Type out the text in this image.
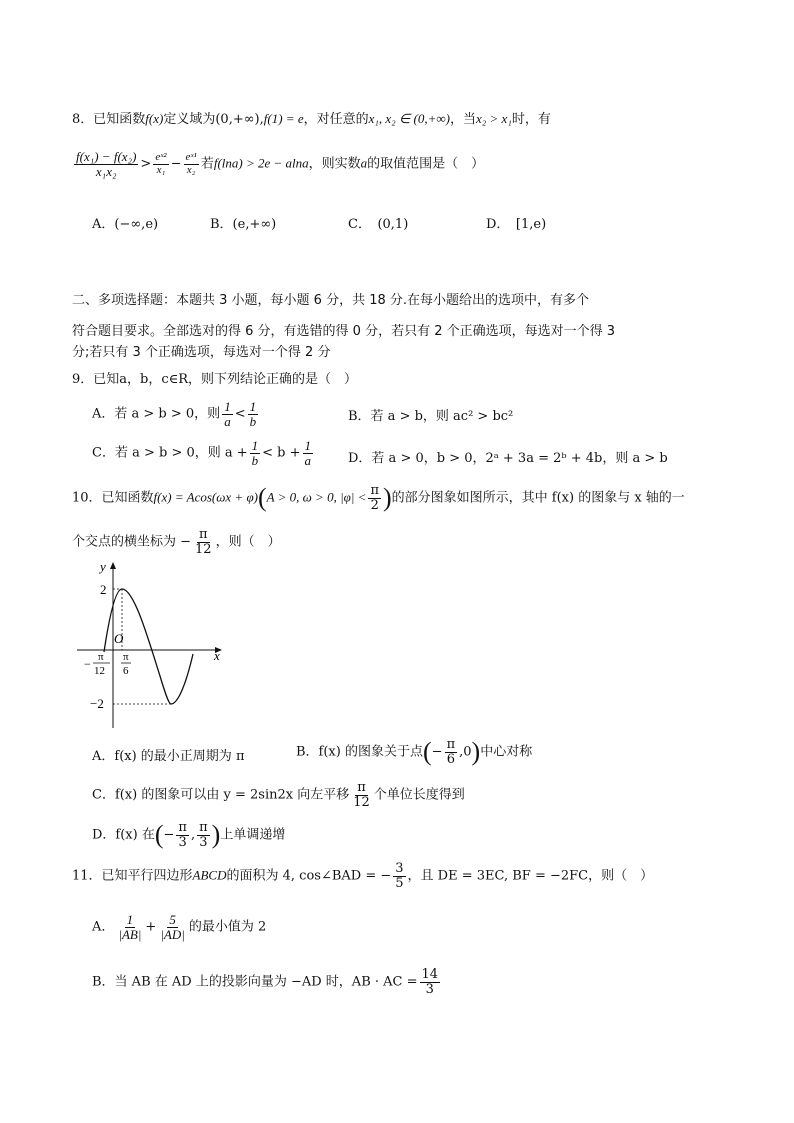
8．已知函数f(x)定义域为(0,+∞),f(1) = e，对任意的x₁, x₂ ∈ (0,+∞)，当x₂ > x₁时，有
$\frac{\text{f(x₁) − f(x₂)}}{\text{x₁x₂}} > \frac{\text{eˣ²}}{\text{x₁}} - \frac{\text{eˣ¹}}{\text{x₂}}$ 若f(lna) > 2e − alna，则实数a的取值范围是（　）
A．(−∞,e)	B．(e,+∞)	C．　(0,1)	D．　[1,e)
二、多项选择题：本题共 3 小题，每小题 6 分，共 18 分.在每小题给出的选项中，有多个
符合题目要求。全部选对的得 6 分，有选错的得 0 分，若只有 2 个正确选项，每选对一个得 3
分;若只有 3 个正确选项，每选对一个得 2 分
9．已知a，b，c∈R，则下列结论正确的是（　）
A．若 a > b > 0，则 $\frac{1}{a} < \frac{1}{b}$	B．若 a > b，则 ac² > bc²
C．若 a > b > 0，则 $a + \frac{1}{b} < b + \frac{1}{a}$	D．若 a > 0，b > 0，2ᵃ + 3a = 2ᵇ + 4b，则 a > b
10．已知函数f(x) = Acos(ωx + φ)(A > 0, ω > 0, $|\varphi| < \frac{\pi}{2}$ )的部分图象如图所示，其中 f(x) 的图象与 x 轴的一
个交点的横坐标为 − $\frac{\pi}{12}$ ，则（　）
y
x
O
2
−2
− π
12
π
6
A．f(x) 的最小正周期为 π	B．f(x) 的图象关于点(− $\frac{\pi}{6} ,0$)中心对称
C．f(x) 的图象可以由 y = 2sin2x 向左平移 $\frac{\pi}{12}$ 个单位长度得到
D．f(x) 在(− $\frac{\pi}{3}$ , $\frac{\pi}{3}$ )上单调递增
11．已知平行四边形ABCD的面积为 4, cos∠BAD = − $\frac{3}{5}$ ，且 DE = 3EC, BF = −2FC，则（　）
A． $\frac{1}{|AB|} + \frac{5}{|AD|}$ 的最小值为 2
B．当 AB 在 AD 上的投影向量为 −AD 时，AB · AC = $\frac{14}{3}$
